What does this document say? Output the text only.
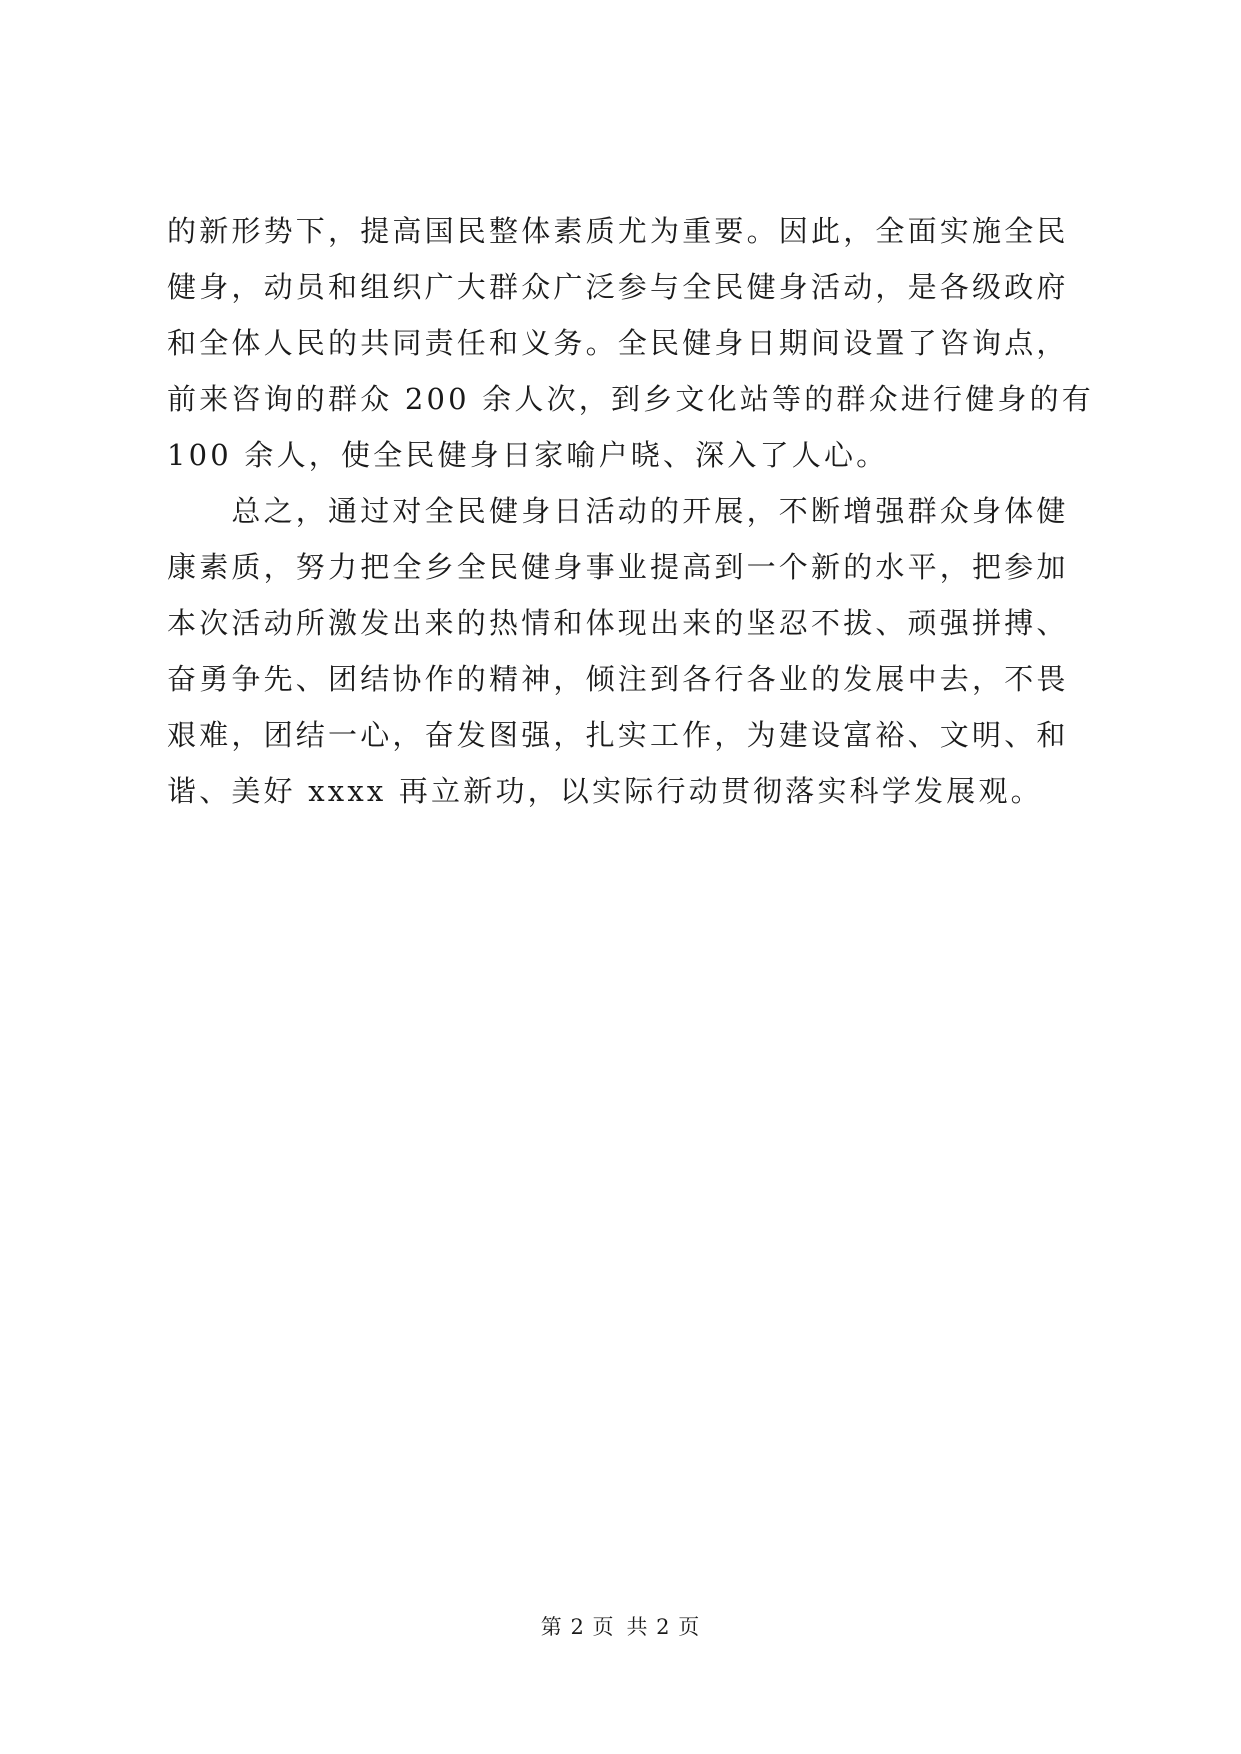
的新形势下，提高国民整体素质尤为重要。因此，全面实施全民
健身，动员和组织广大群众广泛参与全民健身活动，是各级政府
和全体人民的共同责任和义务。全民健身日期间设置了咨询点，
前来咨询的群众 200 余人次，到乡文化站等的群众进行健身的有
100 余人，使全民健身日家喻户晓、深入了人心。
　　总之，通过对全民健身日活动的开展，不断增强群众身体健
康素质，努力把全乡全民健身事业提高到一个新的水平，把参加
本次活动所激发出来的热情和体现出来的坚忍不拔、顽强拼搏、
奋勇争先、团结协作的精神，倾注到各行各业的发展中去，不畏
艰难，团结一心，奋发图强，扎实工作，为建设富裕、文明、和
谐、美好 xxxx 再立新功，以实际行动贯彻落实科学发展观。
第 2 页 共 2 页
